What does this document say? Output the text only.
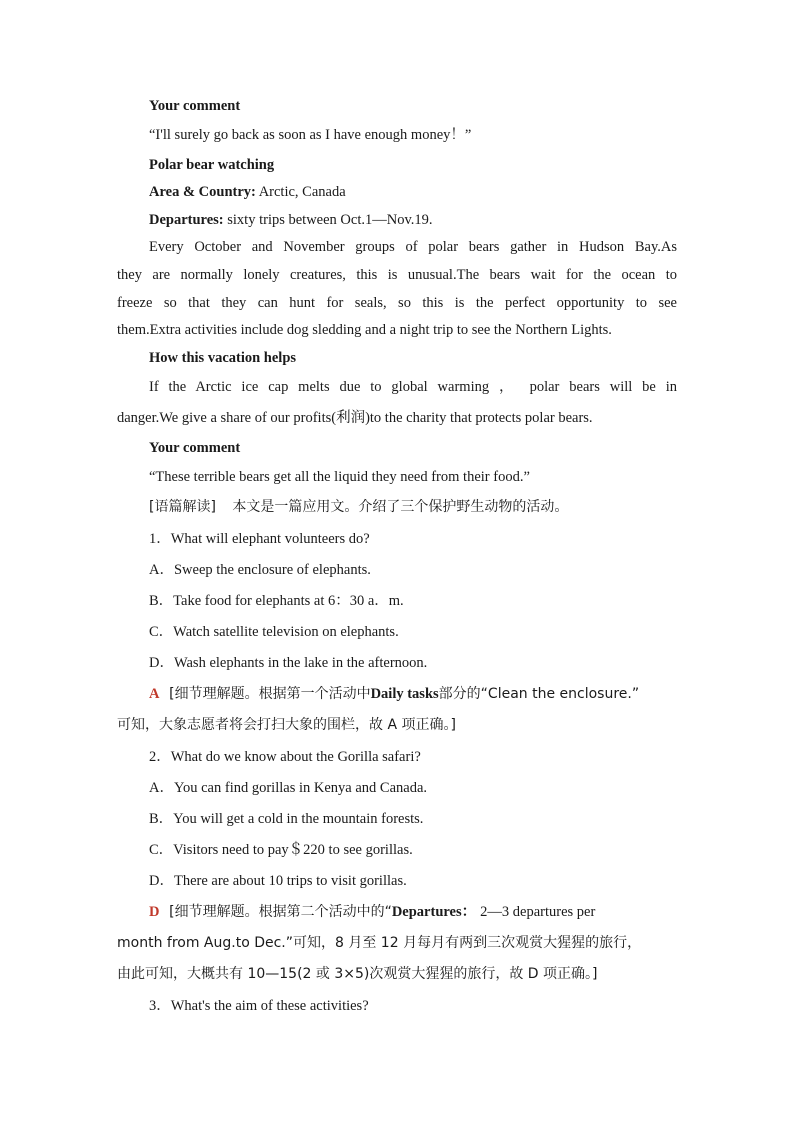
Your comment
“I'll surely go back as soon as I have enough money！”
Polar bear watching
Area & Country: Arctic, Canada
Departures: sixty trips between Oct.1—Nov.19.
Every October and November groups of polar bears gather in Hudson Bay.As
they are normally lonely creatures, this is unusual.The bears wait for the ocean to
freeze so that they can hunt for seals, so this is the perfect opportunity to see
them.Extra activities include dog sledding and a night trip to see the Northern Lights.
How this vacation helps
If the Arctic ice cap melts due to global warming ， polar bears will be in
danger.We give a share of our profits(利润)to the charity that protects polar bears.
Your comment
“These terrible bears get all the liquid they need from their food.”
[语篇解读] 本文是一篇应用文。介绍了三个保护野生动物的活动。
1．What will elephant volunteers do?
A．Sweep the enclosure of elephants.
B．Take food for elephants at 6：30 a．m.
C．Watch satellite television on elephants.
D．Wash elephants in the lake in the afternoon.
A [细节理解题。根据第一个活动中Daily tasks部分的“Clean the enclosure.”
可知，大象志愿者将会打扫大象的围栏，故 A 项正确。]
2．What do we know about the Gorilla safari?
A．You can find gorillas in Kenya and Canada.
B．You will get a cold in the mountain forests.
C．Visitors need to pay＄220 to see gorillas.
D．There are about 10 trips to visit gorillas.
D [细节理解题。根据第二个活动中的“Departures： 2—3 departures per
month from Aug.to Dec.”可知，8 月至 12 月每月有两到三次观赏大猩猩的旅行，
由此可知，大概共有 10—15(2 或 3×5)次观赏大猩猩的旅行，故 D 项正确。]
3．What's the aim of these activities?
